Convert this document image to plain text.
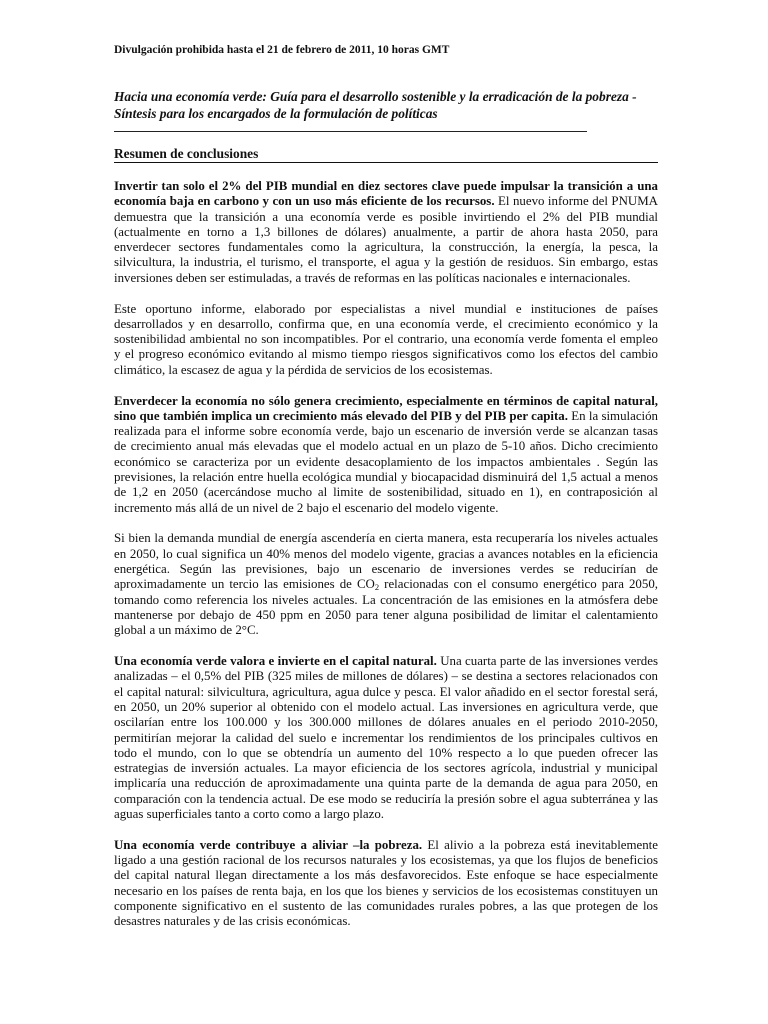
Divulgación prohibida hasta el 21 de febrero de 2011, 10 horas GMT
Hacia una economía verde: Guía para el desarrollo sostenible y la erradicación de la pobreza -
Síntesis para los encargados de la formulación de políticas
Resumen de conclusiones

Invertir tan solo el 2% del PIB mundial en diez sectores clave puede impulsar la transición a una economía baja en carbono y con un uso más eficiente de los recursos. El nuevo informe del PNUMA demuestra que la transición a una economía verde es posible invirtiendo el 2% del PIB mundial (actualmente en torno a 1,3 billones de dólares) anualmente, a partir de ahora hasta 2050, para enverdecer sectores fundamentales como la agricultura, la construcción, la energía, la pesca, la silvicultura, la industria, el turismo, el transporte, el agua y la gestión de residuos. Sin embargo, estas inversiones deben ser estimuladas, a través de reformas en las políticas nacionales e internacionales.

Este oportuno informe, elaborado por especialistas a nivel mundial e instituciones de países desarrollados y en desarrollo, confirma que, en una economía verde, el crecimiento económico y la sostenibilidad ambiental no son incompatibles. Por el contrario, una economía verde fomenta el empleo y el progreso económico evitando al mismo tiempo riesgos significativos como los efectos del cambio climático, la escasez de agua y la pérdida de servicios de los ecosistemas.

Enverdecer la economía no sólo genera crecimiento, especialmente en términos de capital natural, sino que también implica un crecimiento más elevado del PIB y del PIB per capita. En la simulación realizada para el informe sobre economía verde, bajo un escenario de inversión verde se alcanzan tasas de crecimiento anual más elevadas que el modelo actual en un plazo de 5-10 años. Dicho crecimiento económico se caracteriza por un evidente desacoplamiento de los impactos ambientales . Según las previsiones, la relación entre huella ecológica mundial y biocapacidad disminuirá del 1,5 actual a menos de 1,2 en 2050 (acercándose mucho al limite de sostenibilidad, situado en 1), en contraposición al incremento más allá de un nivel de 2 bajo el escenario del modelo vigente.

Si bien la demanda mundial de energía ascendería en cierta manera, esta recuperaría los niveles actuales en 2050, lo cual significa un 40% menos del modelo vigente, gracias a avances notables en la eficiencia energética. Según las previsiones, bajo un escenario de inversiones verdes se reducirían de aproximadamente un tercio las emisiones de $CO_2$ relacionadas con el consumo energético para 2050, tomando como referencia los niveles actuales. La concentración de las emisiones en la atmósfera debe mantenerse por debajo de 450 ppm en 2050 para tener alguna posibilidad de limitar el calentamiento global a un máximo de 2°C.

Una economía verde valora e invierte en el capital natural. Una cuarta parte de las inversiones verdes analizadas – el 0,5% del PIB (325 miles de millones de dólares) – se destina a sectores relacionados con el capital natural: silvicultura, agricultura, agua dulce y pesca. El valor añadido en el sector forestal será, en 2050, un 20% superior al obtenido con el modelo actual. Las inversiones en agricultura verde, que oscilarían entre los 100.000 y los 300.000 millones de dólares anuales en el periodo 2010-2050, permitirían mejorar la calidad del suelo e incrementar los rendimientos de los principales cultivos en todo el mundo, con lo que se obtendría un aumento del 10% respecto a lo que pueden ofrecer las estrategias de inversión actuales. La mayor eficiencia de los sectores agrícola, industrial y municipal implicaría una reducción de aproximadamente una quinta parte de la demanda de agua para 2050, en comparación con la tendencia actual. De ese modo se reduciría la presión sobre el agua subterránea y las aguas superficiales tanto a corto como a largo plazo.

Una economía verde contribuye a aliviar –la pobreza. El alivio a la pobreza está inevitablemente ligado a una gestión racional de los recursos naturales y los ecosistemas, ya que los flujos de beneficios del capital natural llegan directamente a los más desfavorecidos. Este enfoque se hace especialmente necesario en los países de renta baja, en los que los bienes y servicios de los ecosistemas constituyen un componente significativo en el sustento de las comunidades rurales pobres, a las que protegen de los desastres naturales y de las crisis económicas.
